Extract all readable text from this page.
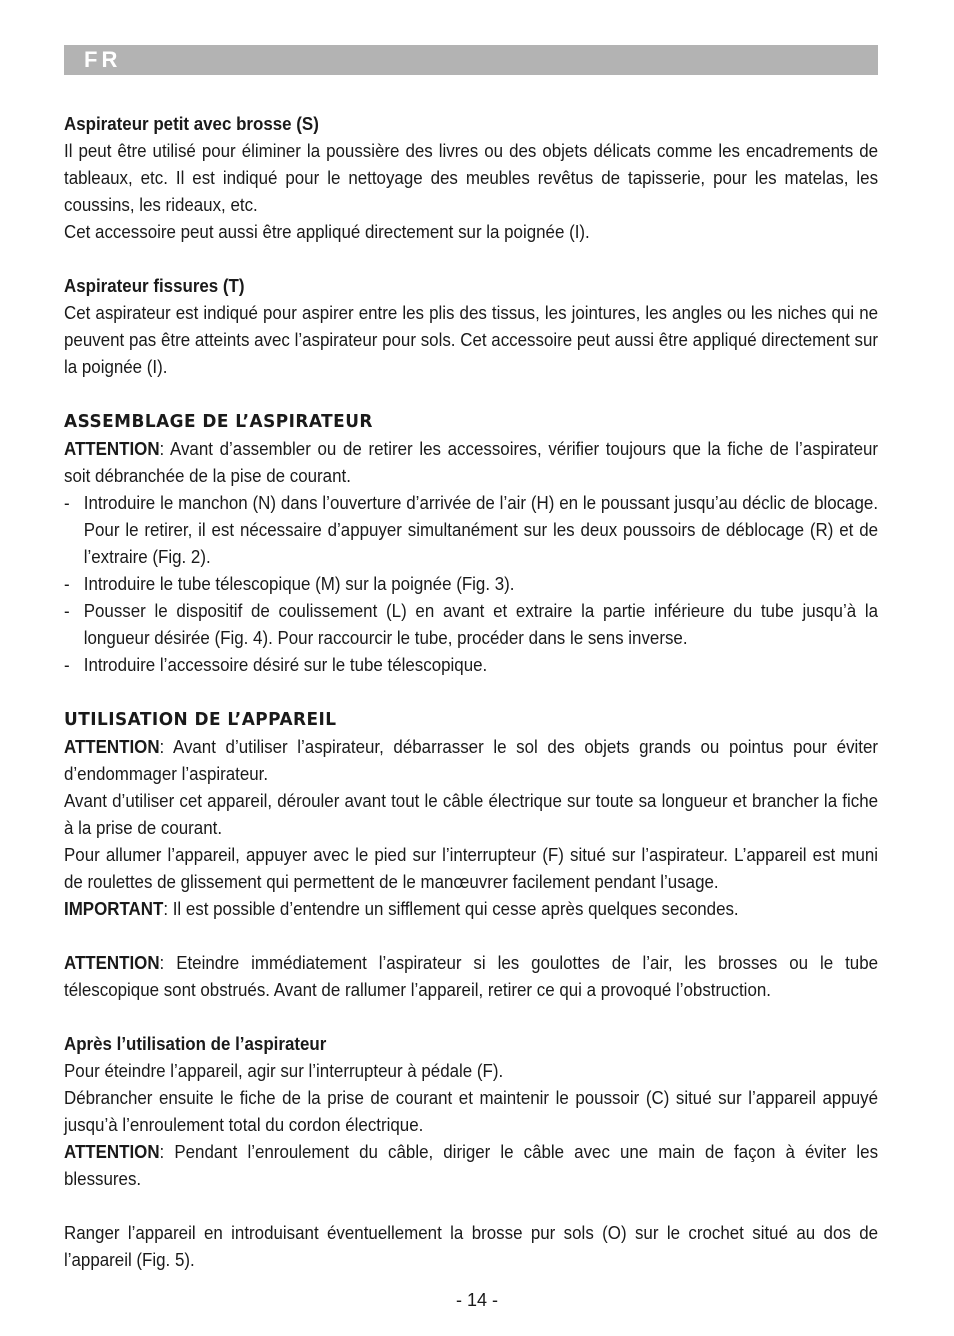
FR

Aspirateur petit avec brosse (S)

Il peut être utilisé pour éliminer la poussière des livres ou des objets délicats comme les encadrements de tableaux, etc. Il est indiqué pour le nettoyage des meubles revêtus de tapisserie, pour les matelas, les coussins, les rideaux, etc.

Cet accessoire peut aussi être appliqué directement sur la poignée (I).

Aspirateur fissures (T)

Cet aspirateur est indiqué pour aspirer entre les plis des tissus, les jointures, les angles ou les niches qui ne peuvent pas être atteints avec l’aspirateur pour sols. Cet accessoire peut aussi être appliqué directement sur la poignée (I).

ASSEMBLAGE DE L’ASPIRATEUR

ATTENTION: Avant d’assembler ou de retirer les accessoires, vérifier toujours que la fiche de l’aspirateur soit débranchée de la pise de courant.

- Introduire le manchon (N) dans l’ouverture d’arrivée de l’air (H) en le poussant jusqu’au déclic de blocage. Pour le retirer, il est nécessaire d’appuyer simultanément sur les deux poussoirs de déblocage (R) et de l’extraire (Fig. 2).
- Introduire le tube télescopique (M) sur la poignée (Fig. 3).
- Pousser le dispositif de coulissement (L) en avant et extraire la partie inférieure du tube jusqu’à la longueur désirée (Fig. 4). Pour raccourcir le tube, procéder dans le sens inverse.
- Introduire l’accessoire désiré sur le tube télescopique.

UTILISATION DE L’APPAREIL

ATTENTION: Avant d’utiliser l’aspirateur, débarrasser le sol des objets grands ou pointus pour éviter d’endommager l’aspirateur.

Avant d’utiliser cet appareil, dérouler avant tout le câble électrique sur toute sa longueur et brancher la fiche à la prise de courant.

Pour allumer l’appareil, appuyer avec le pied sur l’interrupteur (F) situé sur l’aspirateur. L’appareil est muni de roulettes de glissement qui permettent de le manœuvrer facilement pendant l’usage.

IMPORTANT: Il est possible d’entendre un sifflement qui cesse après quelques secondes.

ATTENTION: Eteindre immédiatement l’aspirateur si les goulottes de l’air, les brosses ou le tube télescopique sont obstrués. Avant de rallumer l’appareil, retirer ce qui a provoqué l’obstruction.

Après l’utilisation de l’aspirateur

Pour éteindre l’appareil, agir sur l’interrupteur à pédale (F).

Débrancher ensuite le fiche de la prise de courant et maintenir le poussoir (C) situé sur l’appareil appuyé jusqu’à l’enroulement total du cordon électrique.

ATTENTION: Pendant l’enroulement du câble, diriger le câble avec une main de façon à éviter les blessures.

Ranger l’appareil en introduisant éventuellement la brosse pur sols (O) sur le crochet situé au dos de l’appareil (Fig. 5).

- 14 -
